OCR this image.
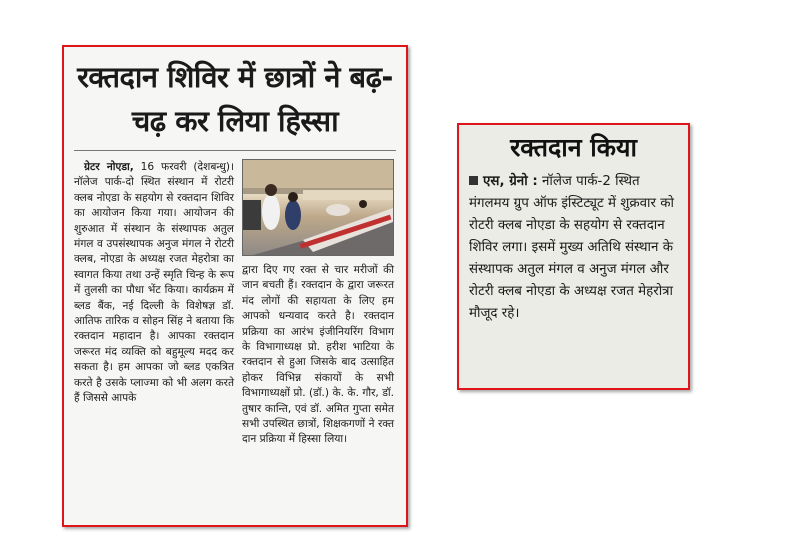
रक्तदान शिविर में छात्रों ने बढ़-चढ़ कर लिया हिस्सा

ग्रेटर नोएडा, 16 फरवरी (देशबन्धु)। नॉलेज पार्क-दो स्थित संस्थान में रोटरी क्लब नोएडा के सहयोग से रक्तदान शिविर का आयोजन किया गया। आयोजन की शुरुआत में संस्थान के संस्थापक अतुल मंगल व उपसंस्थापक अनुज मंगल ने रोटरी क्लब, नोएडा के अध्यक्ष रजत मेहरोत्रा का स्वागत किया तथा उन्हें स्मृति चिन्ह के रूप में तुलसी का पौधा भेंट किया। कार्यक्रम में ब्लड बैंक, नई दिल्ली के विशेषज्ञ डॉ. आतिफ तारिक व सोहन सिंह ने बताया कि रक्तदान महादान है। आपका रक्तदान जरूरत मंद व्यक्ति को बहुमूल्य मदद कर सकता है। हम आपका जो ब्लड एकत्रित करते है उसके प्लाज्मा को भी अलग करते हैं जिससे आपके

द्वारा दिए गए रक्त से चार मरीजों की जान बचती हैं। रक्तदान के द्वारा जरूरत मंद लोगों की सहायता के लिए हम आपको धन्यवाद करते है। रक्तदान प्रक्रिया का आरंभ इंजीनियरिंग विभाग के विभागाध्यक्ष प्रो. हरीश भाटिया के रक्तदान से हुआ जिसके बाद उत्साहित होकर विभिन्न संकायों के सभी विभागाध्यक्षों प्रो. (डॉ.) के. के. गौर, डॉ. तुषार कान्ति, एवं डॉ. अमित गुप्ता समेत सभी उपस्थित छात्रों, शिक्षकगणों ने रक्त दान प्रक्रिया में हिस्सा लिया।

रक्तदान किया
एस, ग्रेनो : नॉलेज पार्क-2 स्थित मंगलमय ग्रुप ऑफ इंस्टिट्यूट में शुक्रवार को रोटरी क्लब नोएडा के सहयोग से रक्तदान शिविर लगा। इसमें मुख्य अतिथि संस्थान के संस्थापक अतुल मंगल व अनुज मंगल और रोटरी क्लब नोएडा के अध्यक्ष रजत मेहरोत्रा मौजूद रहे।
